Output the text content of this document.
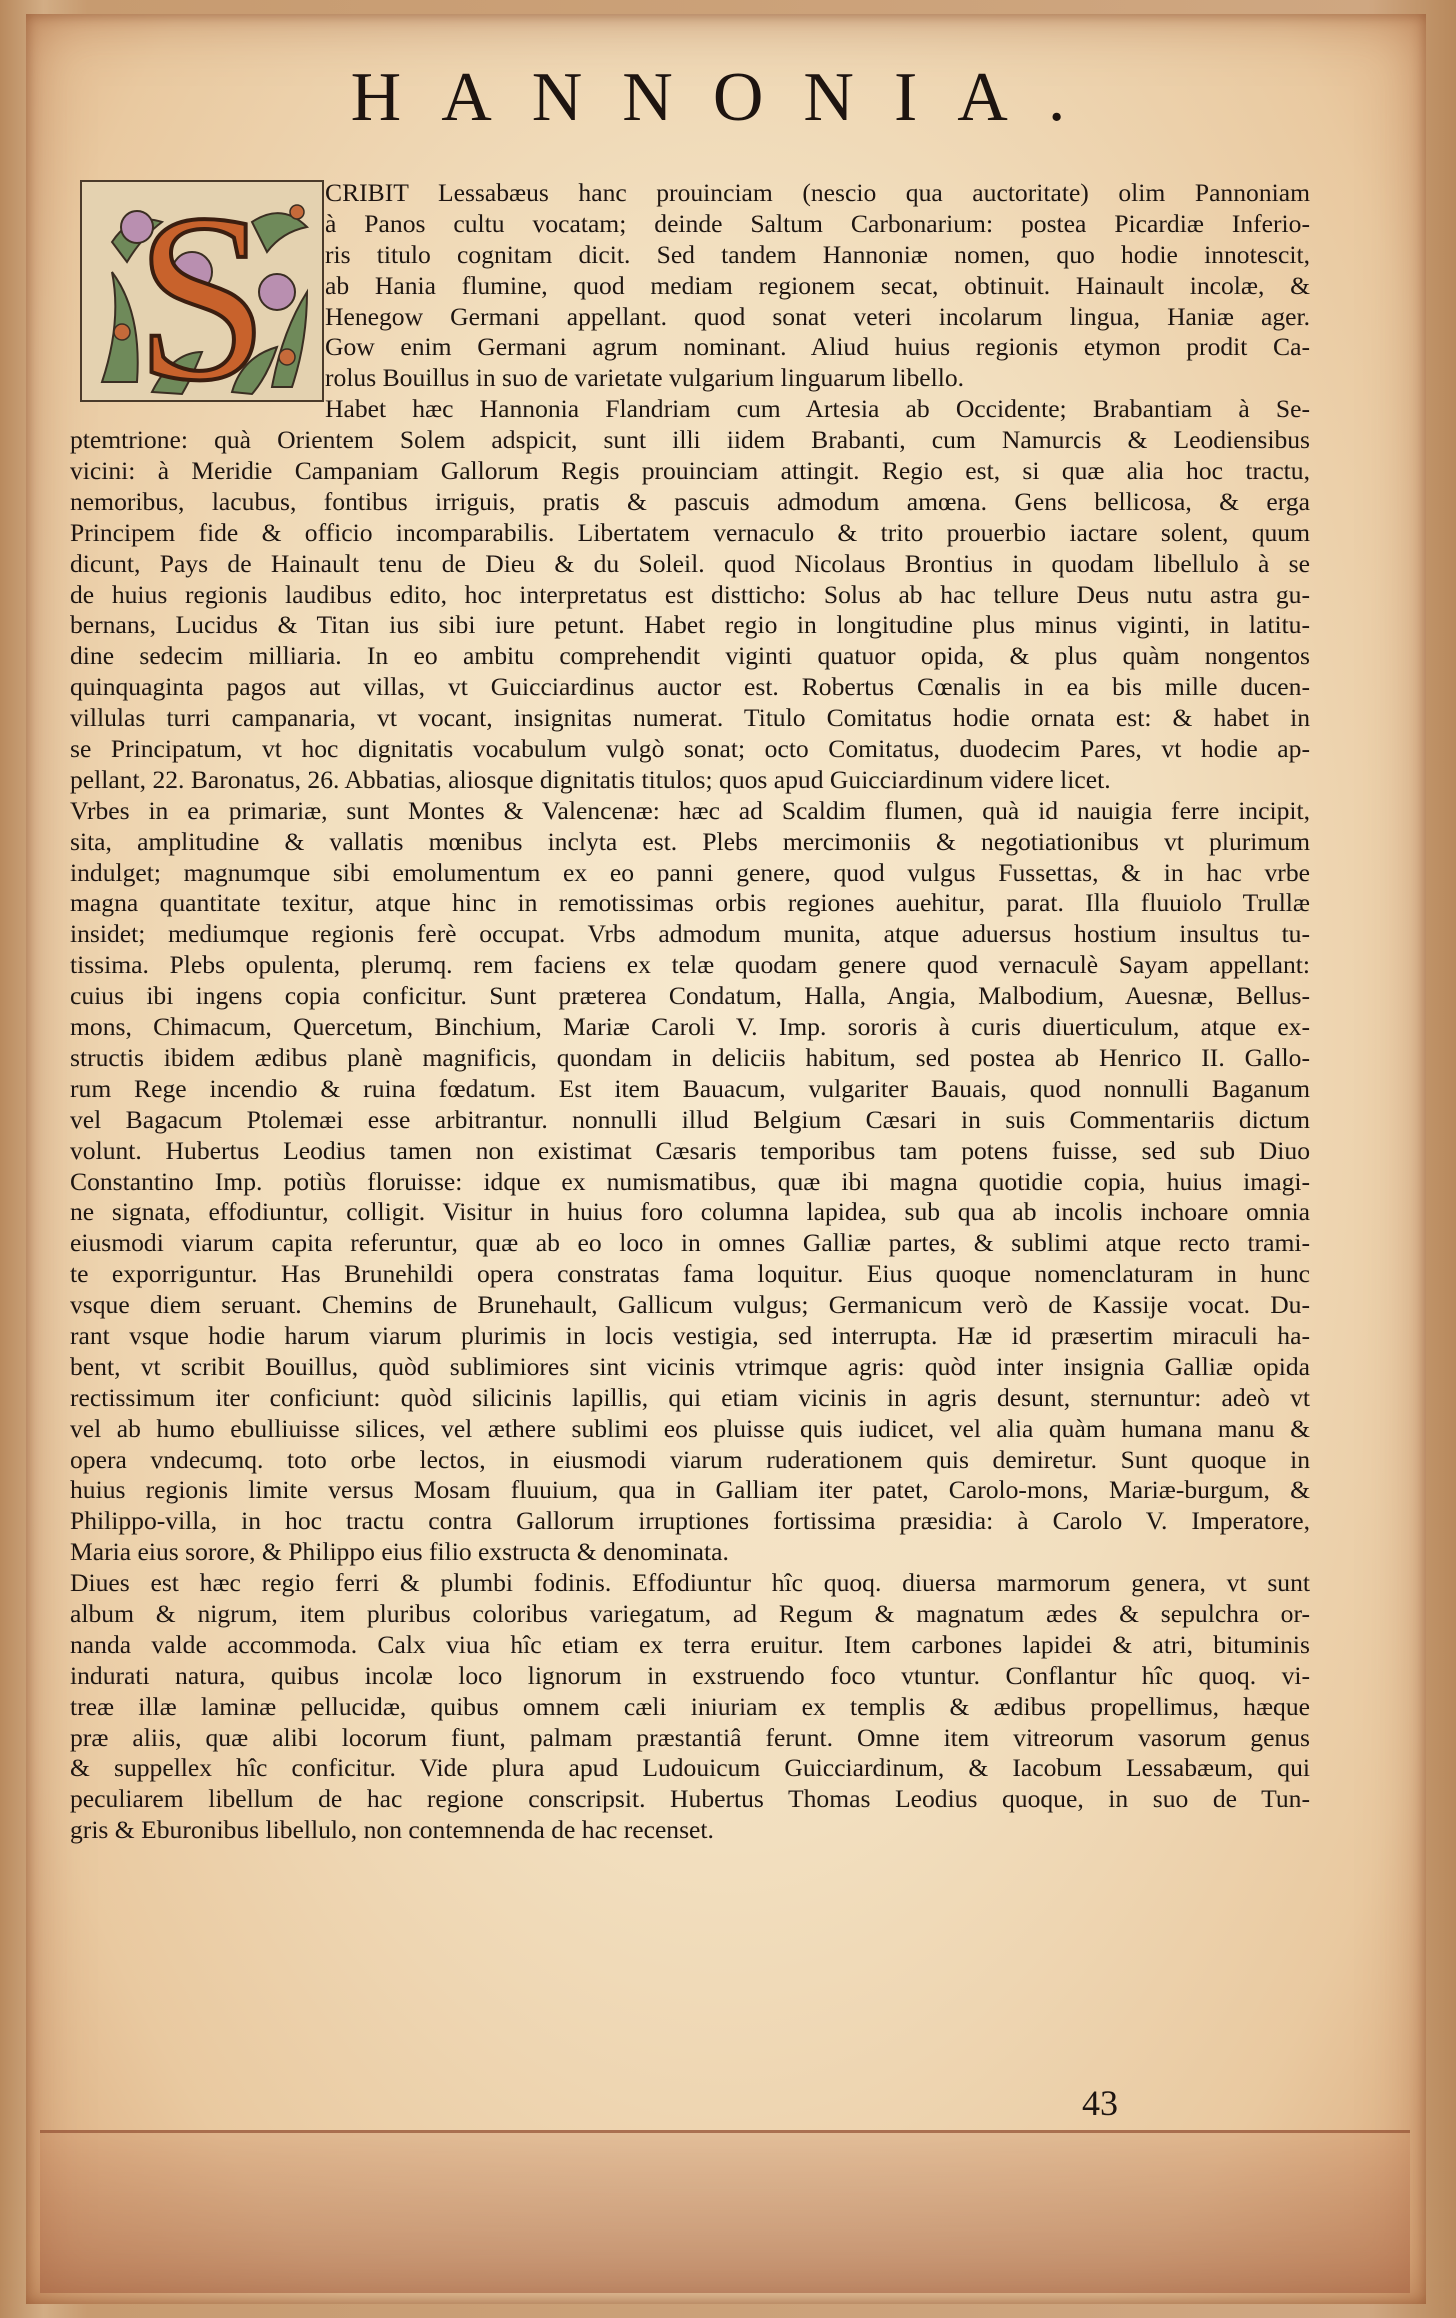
HANNONIA.
S	CRIBIT Lessabæus hanc prouinciam (nescio qua auctoritate) olim Pannoniam
à Panos cultu vocatam; deinde Saltum Carbonarium: postea Picardiæ Inferio-
ris titulo cognitam dicit. Sed tandem Hannoniæ nomen, quo hodie innotescit,
ab Hania flumine, quod mediam regionem secat, obtinuit. Hainault incolæ, &
Henegow Germani appellant. quod sonat veteri incolarum lingua, Haniæ ager.
Gow enim Germani agrum nominant. Aliud huius regionis etymon prodit Ca-
rolus Bouillus in suo de varietate vulgarium linguarum libello.
Habet hæc Hannonia Flandriam cum Artesia ab Occidente; Brabantiam à Se-
ptemtrione: quà Orientem Solem adspicit, sunt illi iidem Brabanti, cum Namurcis & Leodiensibus
vicini: à Meridie Campaniam Gallorum Regis prouinciam attingit. Regio est, si quæ alia hoc tractu,
nemoribus, lacubus, fontibus irriguis, pratis & pascuis admodum amœna. Gens bellicosa, & erga
Principem fide & officio incomparabilis. Libertatem vernaculo & trito prouerbio iactare solent, quum
dicunt, Pays de Hainault tenu de Dieu & du Soleil. quod Nicolaus Brontius in quodam libellulo à se
de huius regionis laudibus edito, hoc interpretatus est distticho: Solus ab hac tellure Deus nutu astra gu-
bernans, Lucidus & Titan ius sibi iure petunt. Habet regio in longitudine plus minus viginti, in latitu-
dine sedecim milliaria. In eo ambitu comprehendit viginti quatuor opida, & plus quàm nongentos
quinquaginta pagos aut villas, vt Guicciardinus auctor est. Robertus Cœnalis in ea bis mille ducen-
villulas turri campanaria, vt vocant, insignitas numerat. Titulo Comitatus hodie ornata est: & habet in
se Principatum, vt hoc dignitatis vocabulum vulgò sonat; octo Comitatus, duodecim Pares, vt hodie ap-
pellant, 22. Baronatus, 26. Abbatias, aliosque dignitatis titulos; quos apud Guicciardinum videre licet.
Vrbes in ea primariæ, sunt Montes & Valencenæ: hæc ad Scaldim flumen, quà id nauigia ferre incipit,
sita, amplitudine & vallatis mœnibus inclyta est. Plebs mercimoniis & negotiationibus vt plurimum
indulget; magnumque sibi emolumentum ex eo panni genere, quod vulgus Fussettas, & in hac vrbe
magna quantitate texitur, atque hinc in remotissimas orbis regiones auehitur, parat. Illa fluuiolo Trullæ
insidet; mediumque regionis ferè occupat. Vrbs admodum munita, atque aduersus hostium insultus tu-
tissima. Plebs opulenta, plerumq. rem faciens ex telæ quodam genere quod vernaculè Sayam appellant:
cuius ibi ingens copia conficitur. Sunt præterea Condatum, Halla, Angia, Malbodium, Auesnæ, Bellus-
mons, Chimacum, Quercetum, Binchium, Mariæ Caroli V. Imp. sororis à curis diuerticulum, atque ex-
structis ibidem ædibus planè magnificis, quondam in deliciis habitum, sed postea ab Henrico II. Gallo-
rum Rege incendio & ruina fœdatum. Est item Bauacum, vulgariter Bauais, quod nonnulli Baganum
vel Bagacum Ptolemæi esse arbitrantur. nonnulli illud Belgium Cæsari in suis Commentariis dictum
volunt. Hubertus Leodius tamen non existimat Cæsaris temporibus tam potens fuisse, sed sub Diuo
Constantino Imp. potiùs floruisse: idque ex numismatibus, quæ ibi magna quotidie copia, huius imagi-
ne signata, effodiuntur, colligit. Visitur in huius foro columna lapidea, sub qua ab incolis inchoare omnia
eiusmodi viarum capita referuntur, quæ ab eo loco in omnes Galliæ partes, & sublimi atque recto trami-
te exporriguntur. Has Brunehildi opera constratas fama loquitur. Eius quoque nomenclaturam in hunc
vsque diem seruant. Chemins de Brunehault, Gallicum vulgus; Germanicum verò de Kassije vocat. Du-
rant vsque hodie harum viarum plurimis in locis vestigia, sed interrupta. Hæ id præsertim miraculi ha-
bent, vt scribit Bouillus, quòd sublimiores sint vicinis vtrimque agris: quòd inter insignia Galliæ opida
rectissimum iter conficiunt: quòd silicinis lapillis, qui etiam vicinis in agris desunt, sternuntur: adeò vt
vel ab humo ebulliuisse silices, vel æthere sublimi eos pluisse quis iudicet, vel alia quàm humana manu &
opera vndecumq. toto orbe lectos, in eiusmodi viarum ruderationem quis demiretur. Sunt quoque in
huius regionis limite versus Mosam fluuium, qua in Galliam iter patet, Carolo-mons, Mariæ-burgum, &
Philippo-villa, in hoc tractu contra Gallorum irruptiones fortissima præsidia: à Carolo V. Imperatore,
Maria eius sorore, & Philippo eius filio exstructa & denominata.
Diues est hæc regio ferri & plumbi fodinis. Effodiuntur hîc quoq. diuersa marmorum genera, vt sunt
album & nigrum, item pluribus coloribus variegatum, ad Regum & magnatum ædes & sepulchra or-
nanda valde accommoda. Calx viua hîc etiam ex terra eruitur. Item carbones lapidei & atri, bituminis
indurati natura, quibus incolæ loco lignorum in exstruendo foco vtuntur. Conflantur hîc quoq. vi-
treæ illæ laminæ pellucidæ, quibus omnem cæli iniuriam ex templis & ædibus propellimus, hæque
præ aliis, quæ alibi locorum fiunt, palmam præstantiâ ferunt. Omne item vitreorum vasorum genus
& suppellex hîc conficitur. Vide plura apud Ludouicum Guicciardinum, & Iacobum Lessabæum, qui
peculiarem libellum de hac regione conscripsit. Hubertus Thomas Leodius quoque, in suo de Tun-
gris & Eburonibus libellulo, non contemnenda de hac recenset.
43
